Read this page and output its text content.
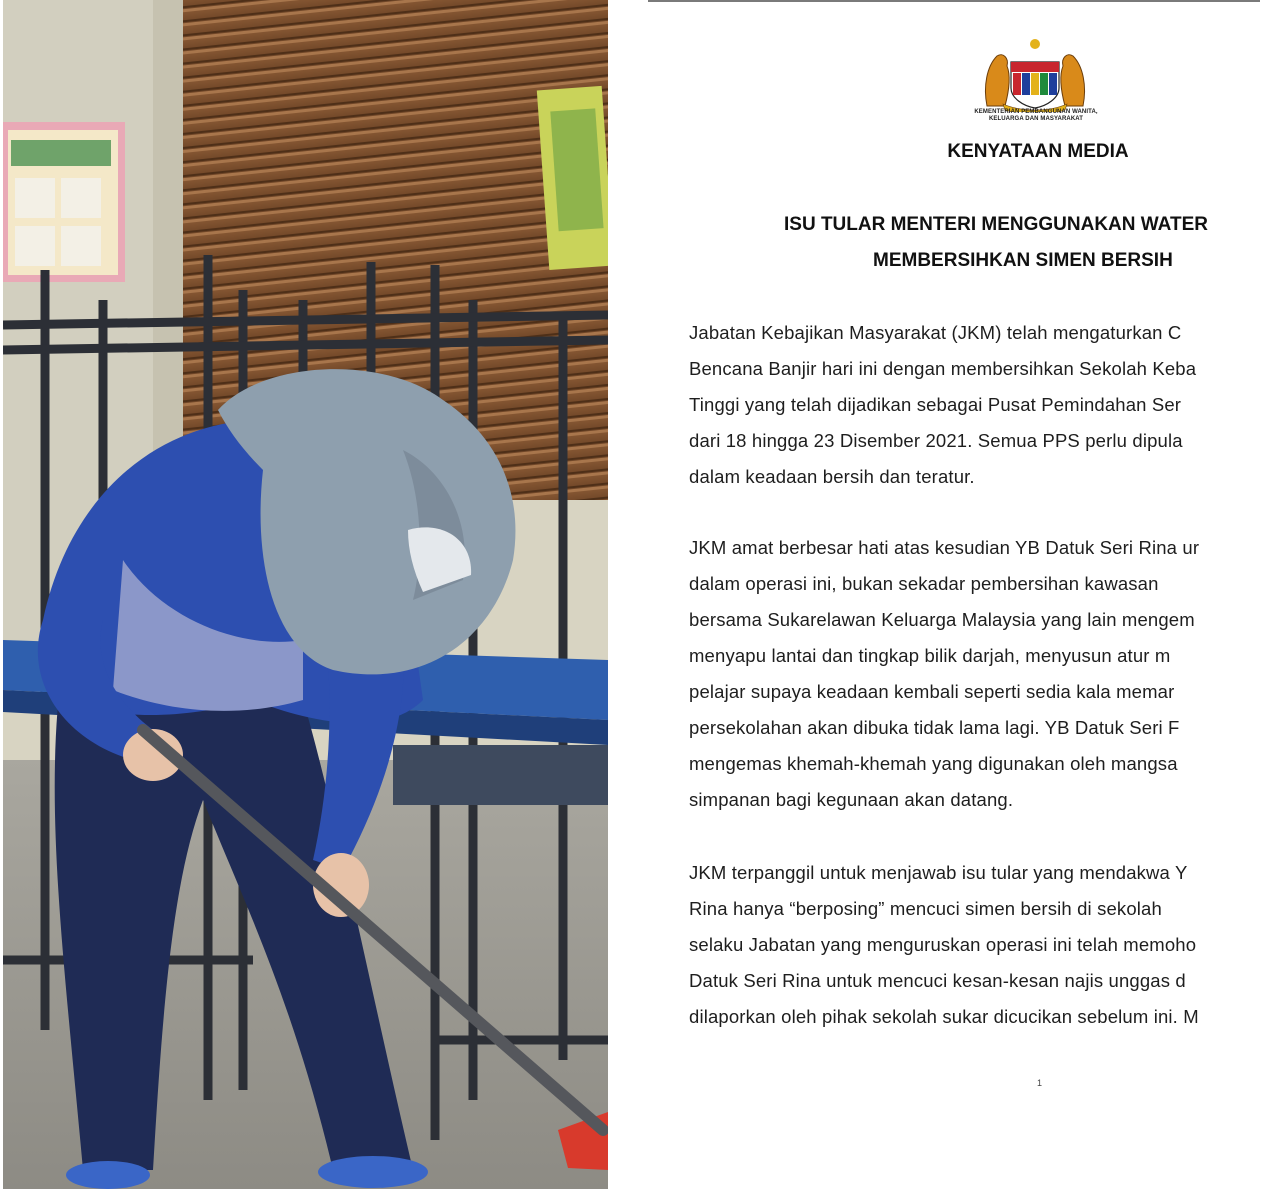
KEMENTERIAN PEMBANGUNAN WANITA,
KELUARGA DAN MASYARAKAT
KENYATAAN MEDIA
ISU TULAR MENTERI MENGGUNAKAN WATER
MEMBERSIHKAN SIMEN BERSIH
Jabatan Kebajikan Masyarakat (JKM) telah mengaturkan C
Bencana Banjir hari ini dengan membersihkan Sekolah Keba
Tinggi yang telah dijadikan sebagai Pusat Pemindahan Ser
dari 18 hingga 23 Disember 2021. Semua PPS perlu dipula
dalam keadaan bersih dan teratur.
JKM amat berbesar hati atas kesudian YB Datuk Seri Rina ur
dalam operasi ini, bukan sekadar pembersihan kawasan
bersama Sukarelawan Keluarga Malaysia yang lain mengem
menyapu lantai dan tingkap bilik darjah, menyusun atur m
pelajar supaya keadaan kembali seperti sedia kala memar
persekolahan akan dibuka tidak lama lagi. YB Datuk Seri F
mengemas khemah-khemah yang digunakan oleh mangsa
simpanan bagi kegunaan akan datang.
JKM terpanggil untuk menjawab isu tular yang mendakwa Y
Rina hanya “berposing” mencuci simen bersih di sekolah
selaku Jabatan yang menguruskan operasi ini telah memoho
Datuk Seri Rina untuk mencuci kesan-kesan najis unggas d
dilaporkan oleh pihak sekolah sukar dicucikan sebelum ini. M
1
